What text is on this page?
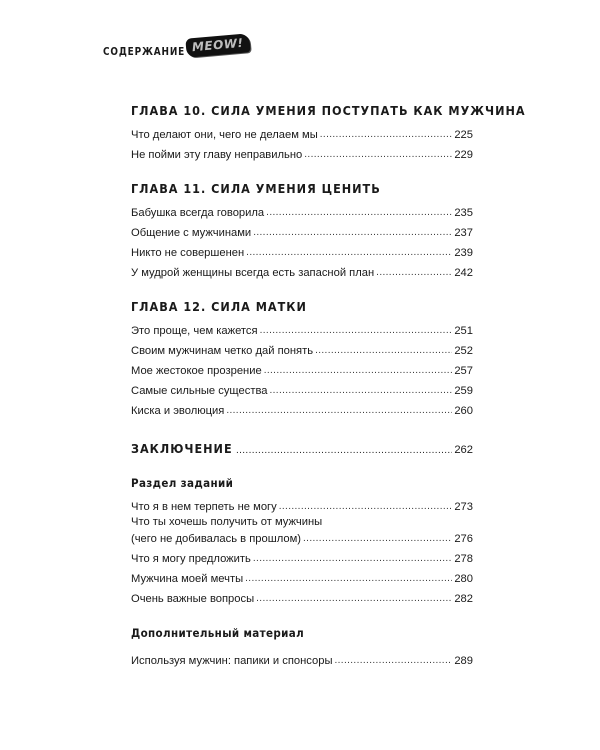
СОДЕРЖАНИЕ MEOW!
ГЛАВА 10. СИЛА УМЕНИЯ ПОСТУПАТЬ КАК МУЖЧИНА
Что делают они, чего не делаем мы . . .	225
Не пойми эту главу неправильно . . .	229
ГЛАВА 11. СИЛА УМЕНИЯ ЦЕНИТЬ
Бабушка всегда говорила . . .	235
Общение с мужчинами . . .	237
Никто не совершенен . . .	239
У мудрой женщины всегда есть запасной план . . .	242
ГЛАВА 12. СИЛА МАТКИ
Это проще, чем кажется . . .	251
Своим мужчинам четко дай понять . . .	252
Мое жестокое прозрение . . .	257
Самые сильные существа . . .	259
Киска и эволюция . . .	260
ЗАКЛЮЧЕНИЕ . . .	262
Раздел заданий
Что я в нем терпеть не могу . . .	273
Что ты хочешь получить от мужчины
(чего не добивалась в прошлом) . . .	276
Что я могу предложить . . .	278
Мужчина моей мечты . . .	280
Очень важные вопросы . . .	282
Дополнительный материал
Используя мужчин: папики и спонсоры . . .	289
